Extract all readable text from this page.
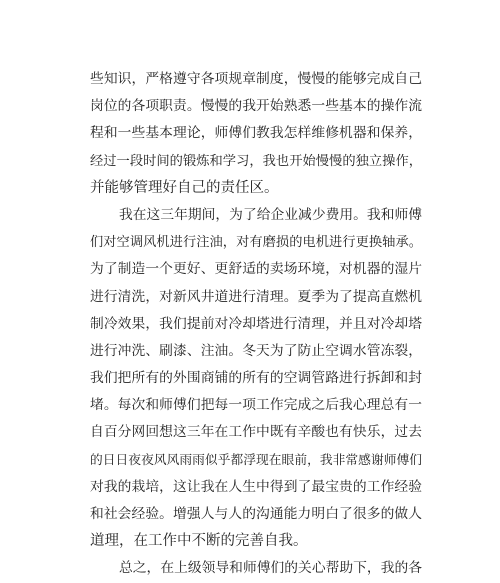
些知识，严格遵守各项规章制度，慢慢的能够完成自己
岗位的各项职责。慢慢的我开始熟悉一些基本的操作流
程和一些基本理论，师傅们教我怎样维修机器和保养，
经过一段时间的锻炼和学习，我也开始慢慢的独立操作，
并能够管理好自己的责任区。
我在这三年期间，为了给企业减少费用。我和师傅
们对空调风机进行注油，对有磨损的电机进行更换轴承。
为了制造一个更好、更舒适的卖场环境，对机器的湿片
进行清洗，对新风井道进行清理。夏季为了提高直燃机
制冷效果，我们提前对冷却塔进行清理，并且对冷却塔
进行冲洗、刷漆、注油。冬天为了防止空调水管冻裂，
我们把所有的外围商铺的所有的空调管路进行拆卸和封
堵。每次和师傅们把每一项工作完成之后我心理总有一
自百分网回想这三年在工作中既有辛酸也有快乐，过去
的日日夜夜风风雨雨似乎都浮现在眼前，我非常感谢师傅们
对我的栽培，这让我在人生中得到了最宝贵的工作经验
和社会经验。增强人与人的沟通能力明白了很多的做人
道理，在工作中不断的完善自我。
总之，在上级领导和师傅们的关心帮助下，我的各
